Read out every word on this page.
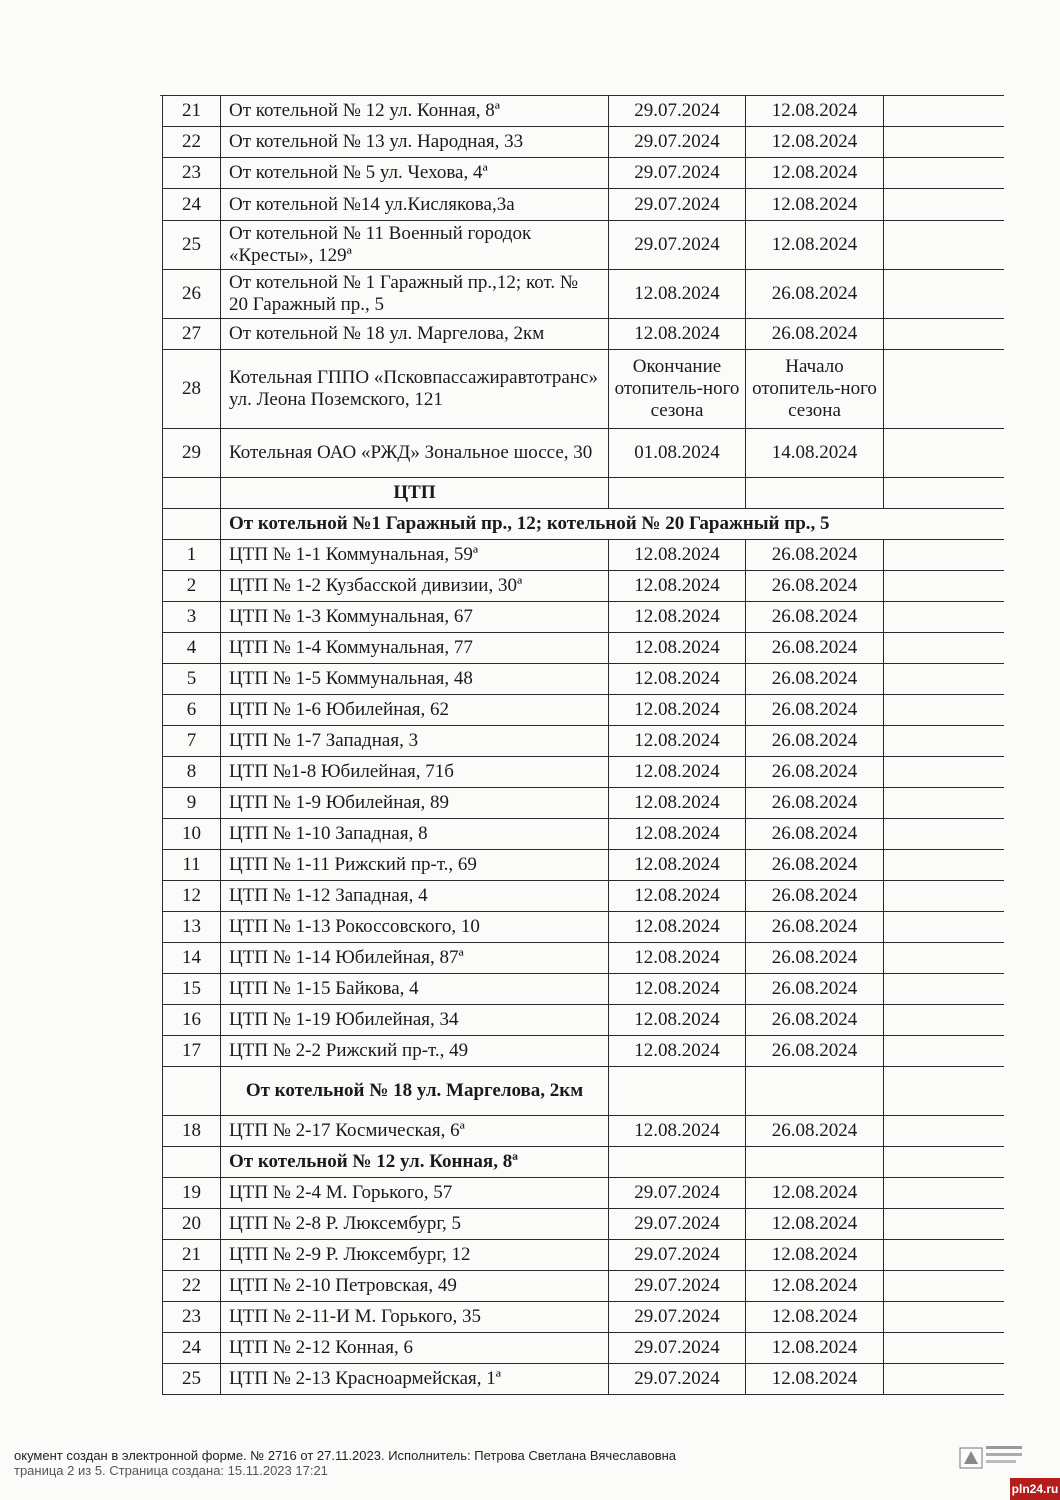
21	От котельной № 12 ул. Конная, 8ª	29.07.2024	12.08.2024	
22	От котельной № 13 ул. Народная, 33	29.07.2024	12.08.2024	
23	От котельной № 5 ул. Чехова, 4ª	29.07.2024	12.08.2024	
24	От котельной №14 ул.Кислякова,3а	29.07.2024	12.08.2024	
25	От котельной № 11 Военный городок «Кресты», 129ª	29.07.2024	12.08.2024	
26	От котельной № 1 Гаражный пр.,12; кот. № 20 Гаражный пр., 5	12.08.2024	26.08.2024	
27	От котельной № 18 ул. Маргелова, 2км	12.08.2024	26.08.2024	
28	Котельная ГППО «Псковпассажиравтотранс» ул. Леона Поземского, 121	Окончание отопитель-ного сезона	Начало отопитель-ного сезона	
29	Котельная ОАО «РЖД» Зональное шоссе, 30	01.08.2024	14.08.2024	
	ЦТП			
	От котельной №1 Гаражный пр., 12; котельной № 20 Гаражный пр., 5			
1	ЦТП № 1-1 Коммунальная, 59ª	12.08.2024	26.08.2024	
2	ЦТП № 1-2 Кузбасской дивизии, 30ª	12.08.2024	26.08.2024	
3	ЦТП № 1-3 Коммунальная, 67	12.08.2024	26.08.2024	
4	ЦТП № 1-4 Коммунальная, 77	12.08.2024	26.08.2024	
5	ЦТП № 1-5 Коммунальная, 48	12.08.2024	26.08.2024	
6	ЦТП № 1-6 Юбилейная, 62	12.08.2024	26.08.2024	
7	ЦТП № 1-7 Западная, 3	12.08.2024	26.08.2024	
8	ЦТП №1-8 Юбилейная, 71б	12.08.2024	26.08.2024	
9	ЦТП № 1-9 Юбилейная, 89	12.08.2024	26.08.2024	
10	ЦТП № 1-10 Западная, 8	12.08.2024	26.08.2024	
11	ЦТП № 1-11 Рижский пр-т., 69	12.08.2024	26.08.2024	
12	ЦТП № 1-12 Западная, 4	12.08.2024	26.08.2024	
13	ЦТП № 1-13 Рокоссовского, 10	12.08.2024	26.08.2024	
14	ЦТП № 1-14 Юбилейная, 87ª	12.08.2024	26.08.2024	
15	ЦТП № 1-15 Байкова, 4	12.08.2024	26.08.2024	
16	ЦТП № 1-19 Юбилейная, 34	12.08.2024	26.08.2024	
17	ЦТП № 2-2 Рижский пр-т., 49	12.08.2024	26.08.2024	
	От котельной № 18 ул. Маргелова, 2км			
18	ЦТП № 2-17 Космическая, 6ª	12.08.2024	26.08.2024	
	От котельной № 12 ул. Конная, 8ª			
19	ЦТП № 2-4 М. Горького, 57	29.07.2024	12.08.2024	
20	ЦТП № 2-8 Р. Люксембург, 5	29.07.2024	12.08.2024	
21	ЦТП № 2-9 Р. Люксембург, 12	29.07.2024	12.08.2024	
22	ЦТП № 2-10 Петровская, 49	29.07.2024	12.08.2024	
23	ЦТП № 2-11-И М. Горького, 35	29.07.2024	12.08.2024	
24	ЦТП № 2-12 Конная, 6	29.07.2024	12.08.2024	
25	ЦТП № 2-13 Красноармейская, 1ª	29.07.2024	12.08.2024	
окумент создан в электронной форме. № 2716 от 27.11.2023. Исполнитель: Петрова Светлана Вячеславовна
траница 2 из 5. Страница создана: 15.11.2023 17:21
pln24.ru
